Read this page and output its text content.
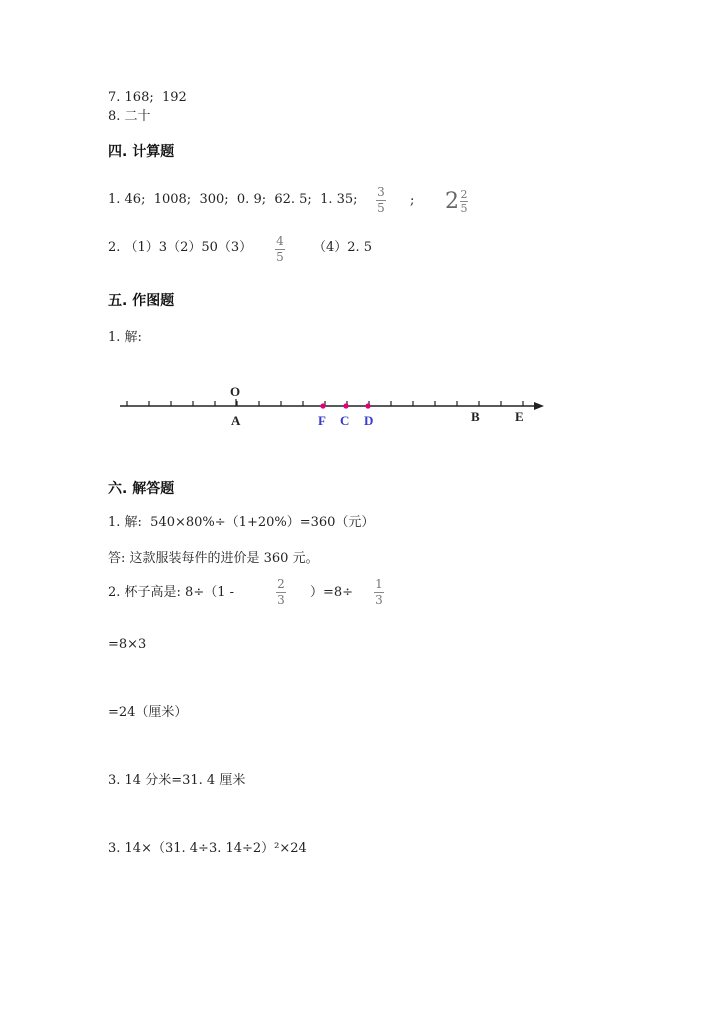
7. 168;  192
8. 二十
四. 计算题
1. 46;  1008;  300;  0. 9;  62. 5;  1. 35; 3
5 ; $2 \frac{2}{5}$
2. （1）3（2）50（3） 4
5
（4）2. 5
五. 作图题
1. 解:
O
A	F C D	B	E
六. 解答题
1. 解:  540×80%÷（1+20%）=360（元）
答: 这款服装每件的进价是 360 元。
2. 杯子高是: 8÷（1 -
2
3 ）=8÷
1
3
=8×3
=24（厘米）
3. 14 分米=31. 4 厘米
3. 14×（31. 4÷3. 14÷2）²×24
